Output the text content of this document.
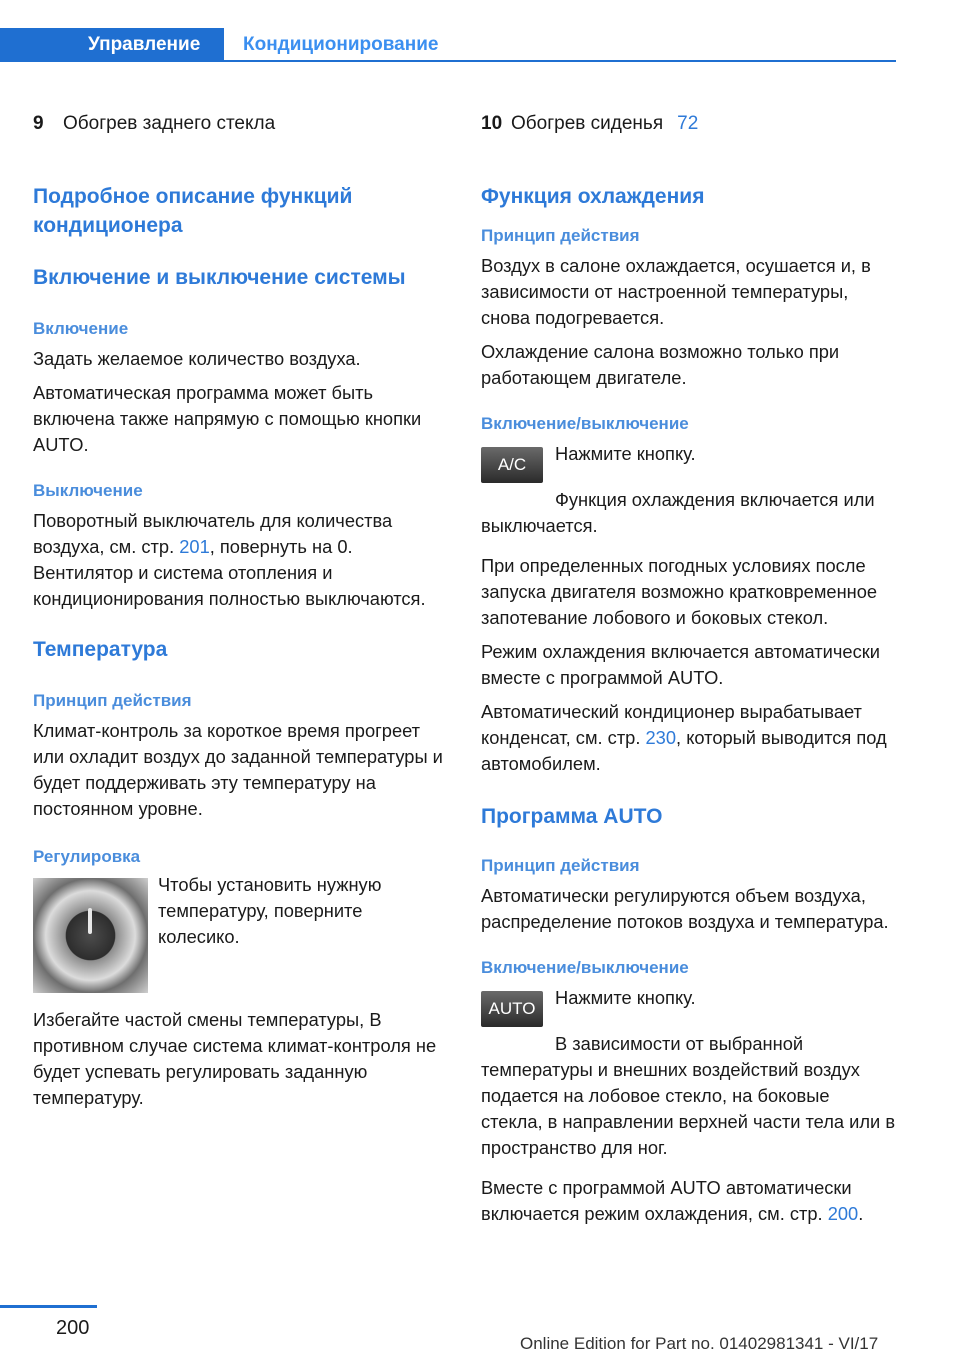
Управление	Кондиционирование
9	Обогрев заднего стекла
Подробное описание функций кондиционера
Включение и выключение системы
Включение
Задать желаемое количество воздуха.
Автоматическая программа может быть включена также напрямую с помощью кнопки AUTO.
Выключение
Поворотный выключатель для количества воздуха, см. стр. 201, повернуть на 0. Вентилятор и система отопления и кондиционирования полностью выключаются.
Температура
Принцип действия
Климат-контроль за короткое время прогреет или охладит воздух до заданной температуры и будет поддерживать эту температуру на постоянном уровне.
Регулировка
Чтобы установить нужную температуру, поверните колесико.
Избегайте частой смены температуры, В противном случае система климат-контроля не будет успевать регулировать заданную температуру.
10 Обогрев сиденья 72
Функция охлаждения
Принцип действия
Воздух в салоне охлаждается, осушается и, в зависимости от настроенной температуры, снова подогревается.
Охлаждение салона возможно только при работающем двигателе.
Включение/выключение
A/C
Нажмите кнопку.
Функция охлаждения включается или выключается.
При определенных погодных условиях после запуска двигателя возможно кратковременное запотевание лобового и боковых стекол.
Режим охлаждения включается автоматически вместе с программой AUTO.
Автоматический кондиционер вырабатывает конденсат, см. стр. 230, который выводится под автомобилем.
Программа AUTO
Принцип действия
Автоматически регулируются объем воздуха, распределение потоков воздуха и температура.
Включение/выключение
AUTO
Нажмите кнопку.
В зависимости от выбранной температуры и внешних воздействий воздух подается на лобовое стекло, на боковые стекла, в направлении верхней части тела или в пространство для ног.
Вместе с программой AUTO автоматически включается режим охлаждения, см. стр. 200.
200
Online Edition for Part no. 01402981341 - VI/17
